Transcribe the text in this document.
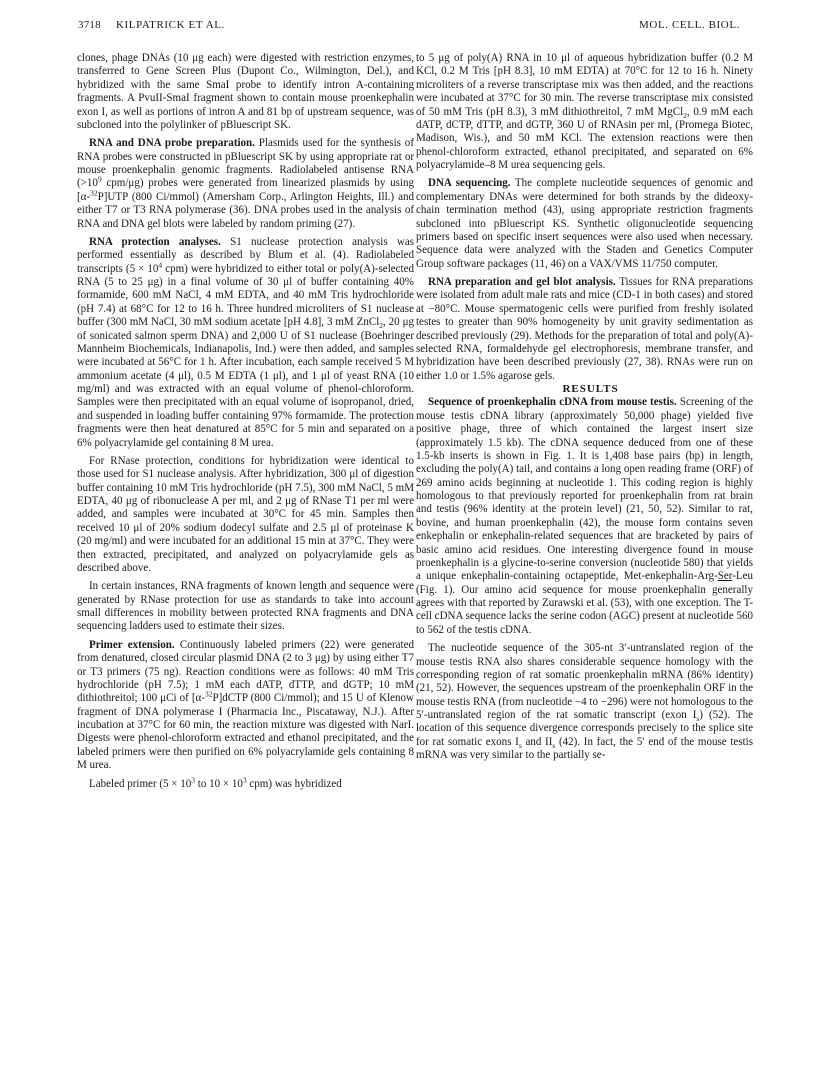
3718 KILPATRICK ET AL.	MOL. CELL. BIOL.

clones, phage DNAs (10 μg each) were digested with restriction enzymes, transferred to Gene Screen Plus (Dupont Co., Wilmington, Del.), and hybridized with the same SmaI probe to identify intron A-containing fragments. A PvuII-SmaI fragment shown to contain mouse proenkephalin exon I, as well as portions of intron A and 81 bp of upstream sequence, was subcloned into the polylinker of pBluescript SK.

RNA and DNA probe preparation. Plasmids used for the synthesis of RNA probes were constructed in pBluescript SK by using appropriate rat or mouse proenkephalin genomic fragments. Radiolabeled antisense RNA ($>10^9$ cpm/μg) probes were generated from linearized plasmids by using [α-$^{32}$P]UTP (800 Ci/mmol) (Amersham Corp., Arlington Heights, Ill.) and either T7 or T3 RNA polymerase (36). DNA probes used in the analysis of RNA and DNA gel blots were labeled by random priming (27).

RNA protection analyses. S1 nuclease protection analysis was performed essentially as described by Blum et al. (4). Radiolabeled transcripts ($5 \times 10^4$ cpm) were hybridized to either total or poly(A)-selected RNA (5 to 25 μg) in a final volume of 30 μl of buffer containing 40% formamide, 600 mM NaCl, 4 mM EDTA, and 40 mM Tris hydrochloride (pH 7.4) at 68°C for 12 to 16 h. Three hundred microliters of S1 nuclease buffer (300 mM NaCl, 30 mM sodium acetate [pH 4.8], 3 mM ZnCl$_2$, 20 μg of sonicated salmon sperm DNA) and 2,000 U of S1 nuclease (Boehringer Mannheim Biochemicals, Indianapolis, Ind.) were then added, and samples were incubated at 56°C for 1 h. After incubation, each sample received 5 M ammonium acetate (4 μl), 0.5 M EDTA (1 μl), and 1 μl of yeast RNA (10 mg/ml) and was extracted with an equal volume of phenol-chloroform. Samples were then precipitated with an equal volume of isopropanol, dried, and suspended in loading buffer containing 97% formamide. The protection fragments were then heat denatured at 85°C for 5 min and separated on a 6% polyacrylamide gel containing 8 M urea.

For RNase protection, conditions for hybridization were identical to those used for S1 nuclease analysis. After hybridization, 300 μl of digestion buffer containing 10 mM Tris hydrochloride (pH 7.5), 300 mM NaCl, 5 mM EDTA, 40 μg of ribonuclease A per ml, and 2 μg of RNase T1 per ml were added, and samples were incubated at 30°C for 45 min. Samples then received 10 μl of 20% sodium dodecyl sulfate and 2.5 μl of proteinase K (20 mg/ml) and were incubated for an additional 15 min at 37°C. They were then extracted, precipitated, and analyzed on polyacrylamide gels as described above.

In certain instances, RNA fragments of known length and sequence were generated by RNase protection for use as standards to take into account small differences in mobility between protected RNA fragments and DNA sequencing ladders used to estimate their sizes.

Primer extension. Continuously labeled primers (22) were generated from denatured, closed circular plasmid DNA (2 to 3 μg) by using either T7 or T3 primers (75 ng). Reaction conditions were as follows: 40 mM Tris hydrochloride (pH 7.5); 1 mM each dATP, dTTP, and dGTP; 10 mM dithiothreitol; 100 μCi of [α-$^{32}$P]dCTP (800 Ci/mmol); and 15 U of Klenow fragment of DNA polymerase I (Pharmacia Inc., Piscataway, N.J.). After incubation at 37°C for 60 min, the reaction mixture was digested with NarI. Digests were phenol-chloroform extracted and ethanol precipitated, and the labeled primers were then purified on 6% polyacrylamide gels containing 8 M urea.

Labeled primer ($5 \times 10^3$ to $10 \times 10^3$ cpm) was hybridized

to 5 μg of poly(A) RNA in 10 μl of aqueous hybridization buffer (0.2 M KCl, 0.2 M Tris [pH 8.3], 10 mM EDTA) at 70°C for 12 to 16 h. Ninety microliters of a reverse transcriptase mix was then added, and the reactions were incubated at 37°C for 30 min. The reverse transcriptase mix consisted of 50 mM Tris (pH 8.3), 3 mM dithiothreitol, 7 mM MgCl$_2$, 0.9 mM each dATP, dCTP, dTTP, and dGTP, 360 U of RNAsin per ml, (Promega Biotec, Madison, Wis.), and 50 mM KCl. The extension reactions were then phenol-chloroform extracted, ethanol precipitated, and separated on 6% polyacrylamide–8 M urea sequencing gels.

DNA sequencing. The complete nucleotide sequences of genomic and complementary DNAs were determined for both strands by the dideoxy-chain termination method (43), using appropriate restriction fragments subcloned into pBluescript KS. Synthetic oligonucleotide sequencing primers based on specific insert sequences were also used when necessary. Sequence data were analyzed with the Staden and Genetics Computer Group software packages (11, 46) on a VAX/VMS 11/750 computer.

RNA preparation and gel blot analysis. Tissues for RNA preparations were isolated from adult male rats and mice (CD-1 in both cases) and stored at −80°C. Mouse spermatogenic cells were purified from freshly isolated testes to greater than 90% homogeneity by unit gravity sedimentation as described previously (29). Methods for the preparation of total and poly(A)-selected RNA, formaldehyde gel electrophoresis, membrane transfer, and hybridization have been described previously (27, 38). RNAs were run on either 1.0 or 1.5% agarose gels.

RESULTS

Sequence of proenkephalin cDNA from mouse testis. Screening of the mouse testis cDNA library (approximately 50,000 phage) yielded five positive phage, three of which contained the largest insert size (approximately 1.5 kb). The cDNA sequence deduced from one of these 1.5-kb inserts is shown in Fig. 1. It is 1,408 base pairs (bp) in length, excluding the poly(A) tail, and contains a long open reading frame (ORF) of 269 amino acids beginning at nucleotide 1. This coding region is highly homologous to that previously reported for proenkephalin from rat brain and testis (96% identity at the protein level) (21, 50, 52). Similar to rat, bovine, and human proenkephalin (42), the mouse form contains seven enkephalin or enkephalin-related sequences that are bracketed by pairs of basic amino acid residues. One interesting divergence found in mouse proenkephalin is a glycine-to-serine conversion (nucleotide 580) that yields a unique enkephalin-containing octapeptide, Met-enkephalin-Arg-Ser-Leu (Fig. 1). Our amino acid sequence for mouse proenkephalin generally agrees with that reported by Zurawski et al. (53), with one exception. The T-cell cDNA sequence lacks the serine codon (AGC) present at nucleotide 560 to 562 of the testis cDNA.

The nucleotide sequence of the 305-nt 3′-untranslated region of the mouse testis RNA also shares considerable sequence homology with the corresponding region of rat somatic proenkephalin mRNA (86% identity) (21, 52). However, the sequences upstream of the proenkephalin ORF in the mouse testis RNA (from nucleotide −4 to −296) were not homologous to the 5′-untranslated region of the rat somatic transcript (exon $I_s$) (52). The location of this sequence divergence corresponds precisely to the splice site for rat somatic exons $I_s$ and $II_s$ (42). In fact, the 5′ end of the mouse testis mRNA was very similar to the partially se-
